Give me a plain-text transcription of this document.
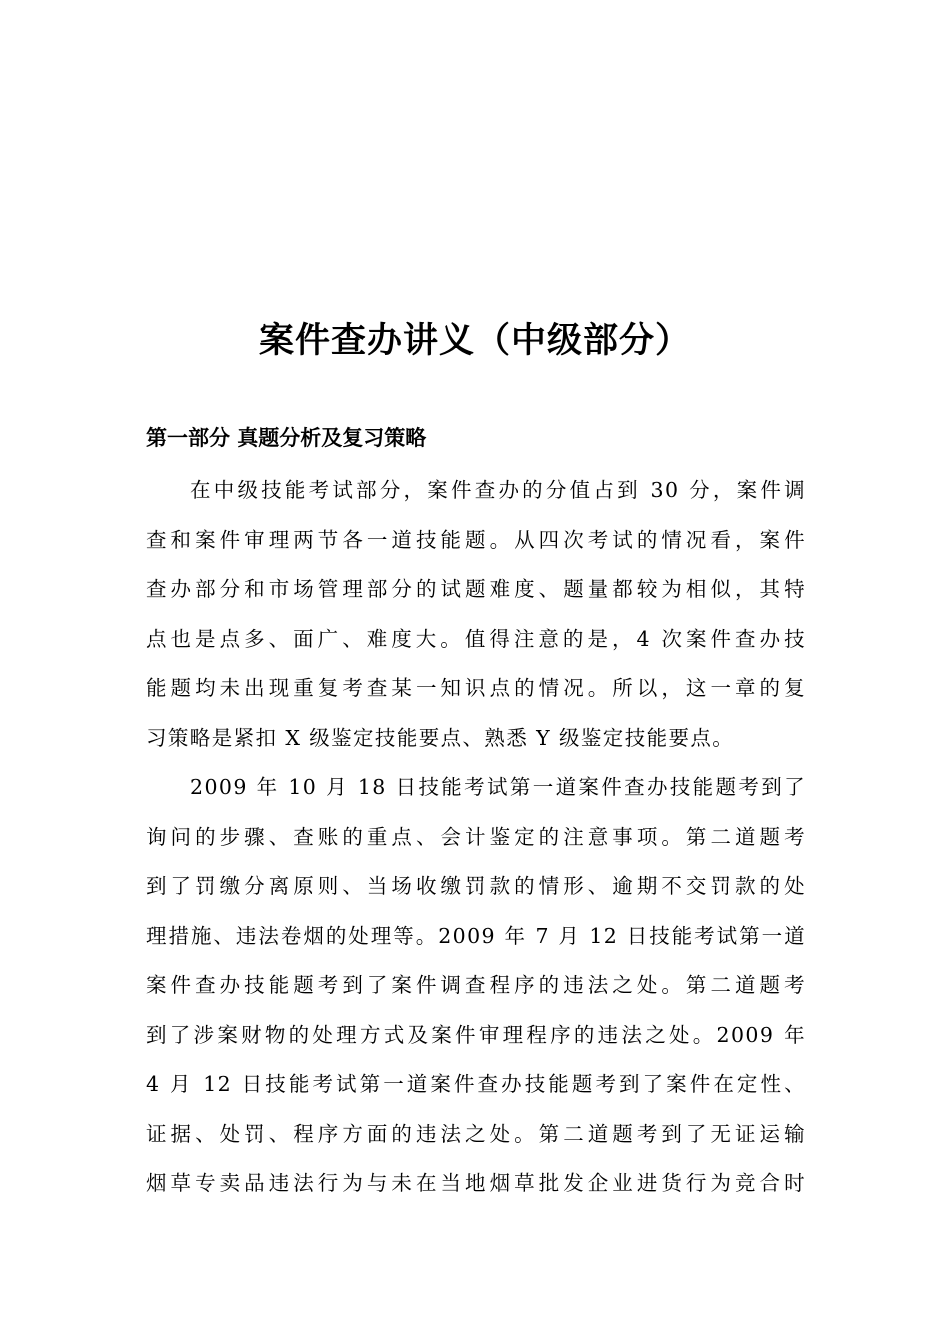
案件查办讲义（中级部分）
第一部分 真题分析及复习策略

在中级技能考试部分，案件查办的分值占到 30 分，案件调
查和案件审理两节各一道技能题。从四次考试的情况看，案件
查办部分和市场管理部分的试题难度、题量都较为相似，其特
点也是点多、面广、难度大。值得注意的是，4 次案件查办技
能题均未出现重复考查某一知识点的情况。所以，这一章的复
习策略是紧扣 X 级鉴定技能要点、熟悉 Y 级鉴定技能要点。

2009 年 10 月 18 日技能考试第一道案件查办技能题考到了
询问的步骤、查账的重点、会计鉴定的注意事项。第二道题考
到了罚缴分离原则、当场收缴罚款的情形、逾期不交罚款的处
理措施、违法卷烟的处理等。2009 年 7 月 12 日技能考试第一道
案件查办技能题考到了案件调查程序的违法之处。第二道题考
到了涉案财物的处理方式及案件审理程序的违法之处。2009 年
4 月 12 日技能考试第一道案件查办技能题考到了案件在定性、
证据、处罚、程序方面的违法之处。第二道题考到了无证运输
烟草专卖品违法行为与未在当地烟草批发企业进货行为竞合时
